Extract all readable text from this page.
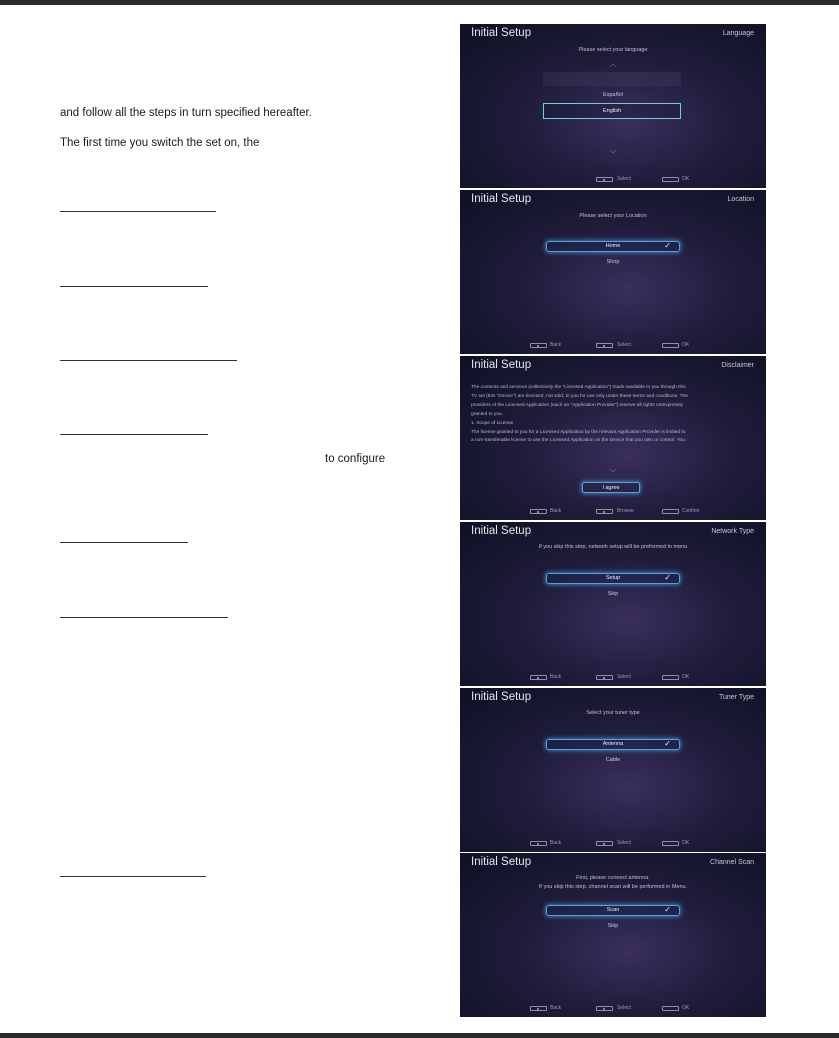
and follow all the steps in turn specified hereafter.
The first time you switch the set on, the
to configure
Initial Setup	Language
Please select your language
︿
Español
English
﹀
Select	OK
Initial Setup	Location
Please select your Location
Home	✓
Shop
Back	Select	OK
Initial Setup	Disclaimer
The contents and services (collectively the "Licensed Application") made available to you through this
TV set (this "Device") are licensed, not sold, to you for use only under these terms and conditions. The
providers of the Licensed Application (each an "Application Provider") reserve all rights notexpressly
granted to you.
1. Scope of License
The license granted to you for a Licensed Application by the relevant Application Provider is limited to
a non-transferable license to use the Licensed Application on the Device that you own or control. You
﹀
I agree
Back	Browse	Confirm
Initial Setup	Network Type
If you skip this step, network setup will be preformed in menu
Setup	✓
Skip
Back	Select	OK
Initial Setup	Tuner Type
Select your tuner type
Antenna	✓
Cable
Back	Select	OK
Initial Setup	Channel Scan
First, please connect antenna.
If you skip this step, channel scan will be performed in Menu.
Scan	✓
Skip
Back	Select	OK
